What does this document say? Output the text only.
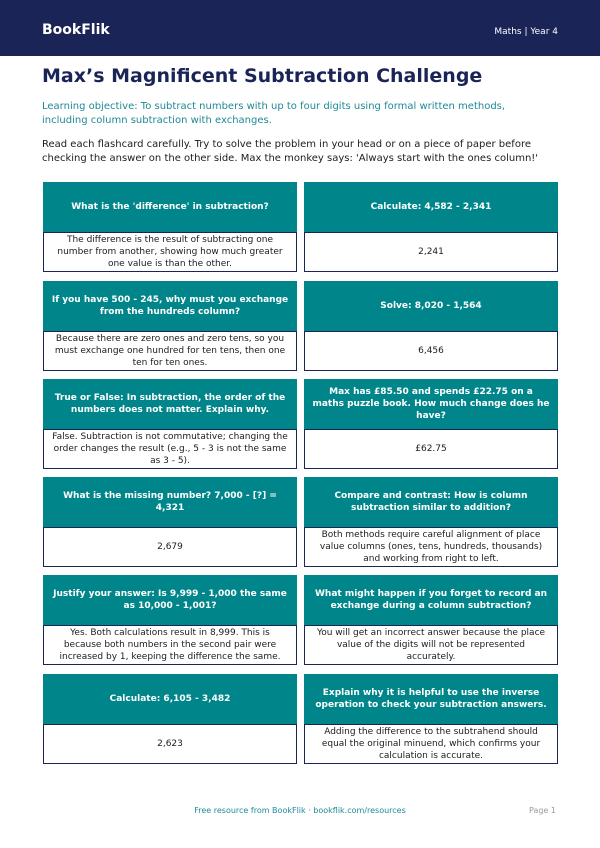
BookFlik	Maths | Year 4
Max’s Magnificent Subtraction Challenge
Learning objective: To subtract numbers with up to four digits using formal written methods, including column subtraction with exchanges.
Read each flashcard carefully. Try to solve the problem in your head or on a piece of paper before checking the answer on the other side. Max the monkey says: 'Always start with the ones column!'
What is the 'difference' in subtraction?
The difference is the result of subtracting one number from another, showing how much greater one value is than the other.
Calculate: 4,582 - 2,341
2,241
If you have 500 - 245, why must you exchange from the hundreds column?
Because there are zero ones and zero tens, so you must exchange one hundred for ten tens, then one ten for ten ones.
Solve: 8,020 - 1,564
6,456
True or False: In subtraction, the order of the numbers does not matter. Explain why.
False. Subtraction is not commutative; changing the order changes the result (e.g., 5 - 3 is not the same as 3 - 5).
Max has £85.50 and spends £22.75 on a maths puzzle book. How much change does he have?
£62.75
What is the missing number? 7,000 - [?] = 4,321
2,679
Compare and contrast: How is column subtraction similar to addition?
Both methods require careful alignment of place value columns (ones, tens, hundreds, thousands) and working from right to left.
Justify your answer: Is 9,999 - 1,000 the same as 10,000 - 1,001?
Yes. Both calculations result in 8,999. This is because both numbers in the second pair were increased by 1, keeping the difference the same.
What might happen if you forget to record an exchange during a column subtraction?
You will get an incorrect answer because the place value of the digits will not be represented accurately.
Calculate: 6,105 - 3,482
2,623
Explain why it is helpful to use the inverse operation to check your subtraction answers.
Adding the difference to the subtrahend should equal the original minuend, which confirms your calculation is accurate.
Free resource from BookFlik · bookflik.com/resources	Page 1
